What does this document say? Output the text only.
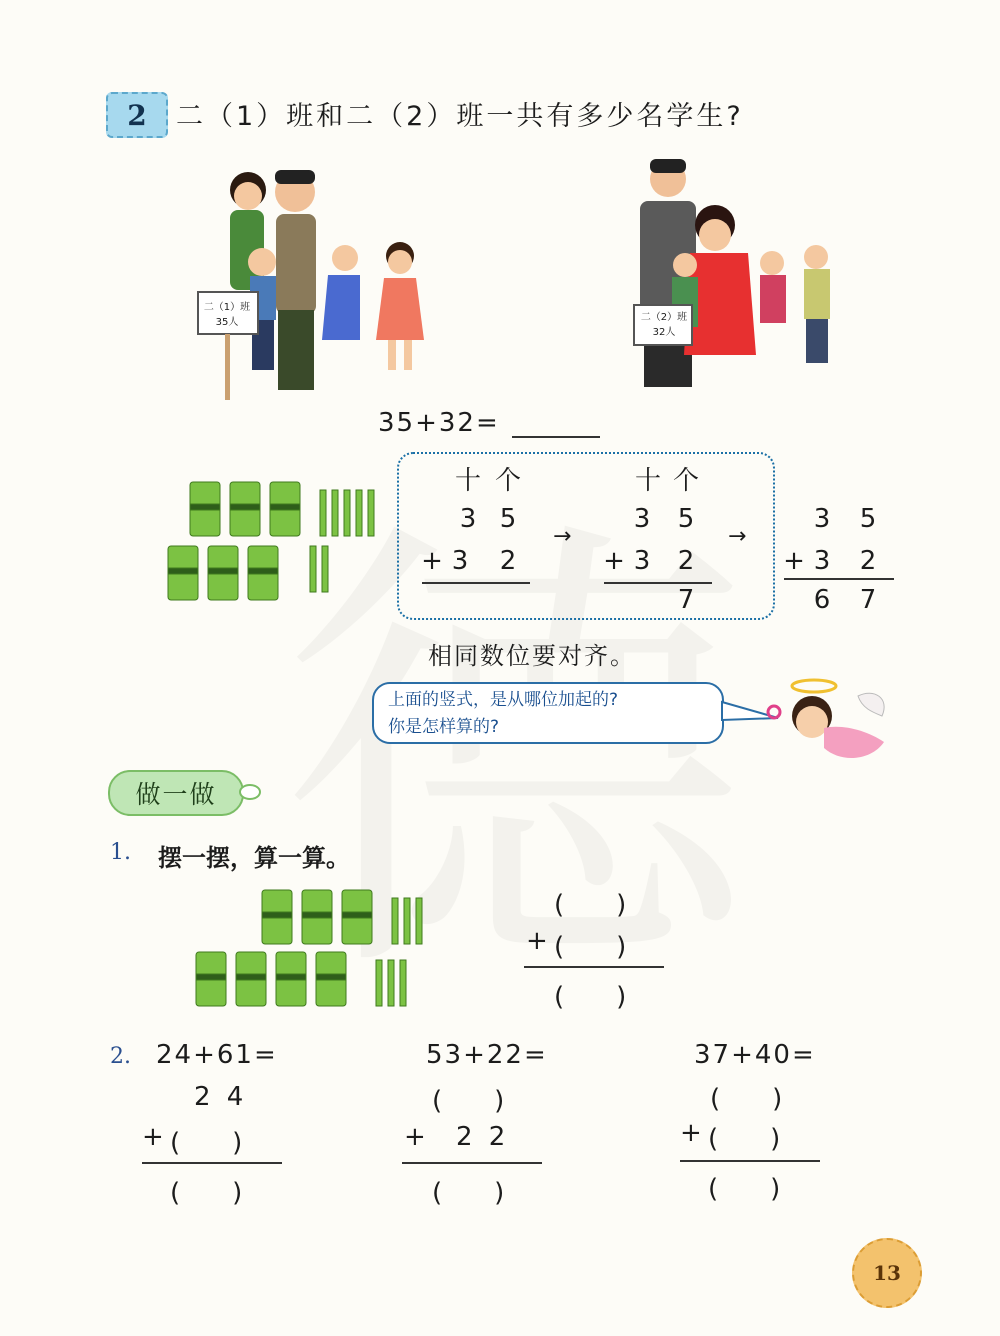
2	二（1）班和二（2）班一共有多少名学生?
二（1）班
35人	二（2）班
32人
35+32=
十 个
3 5
+ 3	2
→
十 个
3	5
+ 3	2
7
→
3	5
+ 3	2
6	7
相同数位要对齐。
上面的竖式，是从哪位加起的?
你是怎样算的?
做一做
1. 摆一摆，算一算。
(　　)
+ (　　)
(　　)
2. 24+61=
2 4
+ (　　)
(　　)
53+22=
(　　)
+ 2 2
(　　)
37+40=
(　　)
+ (　　)
(　　)
13
